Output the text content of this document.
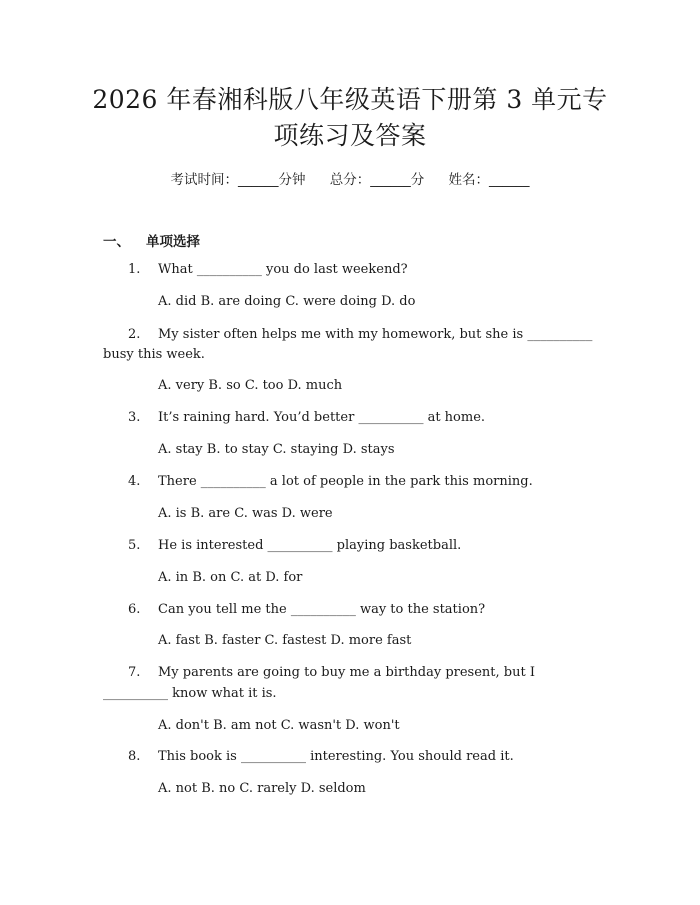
2026 年春湘科版八年级英语下册第 3 单元专
项练习及答案
考试时间：______分钟 总分：______分 姓名：______
一、 单项选择
1. What __________ you do last weekend?
A. did B. are doing C. were doing D. do
2. My sister often helps me with my homework, but she is __________
busy this week.
A. very B. so C. too D. much
3. It’s raining hard. You’d better __________ at home.
A. stay B. to stay C. staying D. stays
4. There __________ a lot of people in the park this morning.
A. is B. are C. was D. were
5. He is interested __________ playing basketball.
A. in B. on C. at D. for
6. Can you tell me the __________ way to the station?
A. fast B. faster C. fastest D. more fast
7. My parents are going to buy me a birthday present, but I
__________ know what it is.
A. don't B. am not C. wasn't D. won't
8. This book is __________ interesting. You should read it.
A. not B. no C. rarely D. seldom
